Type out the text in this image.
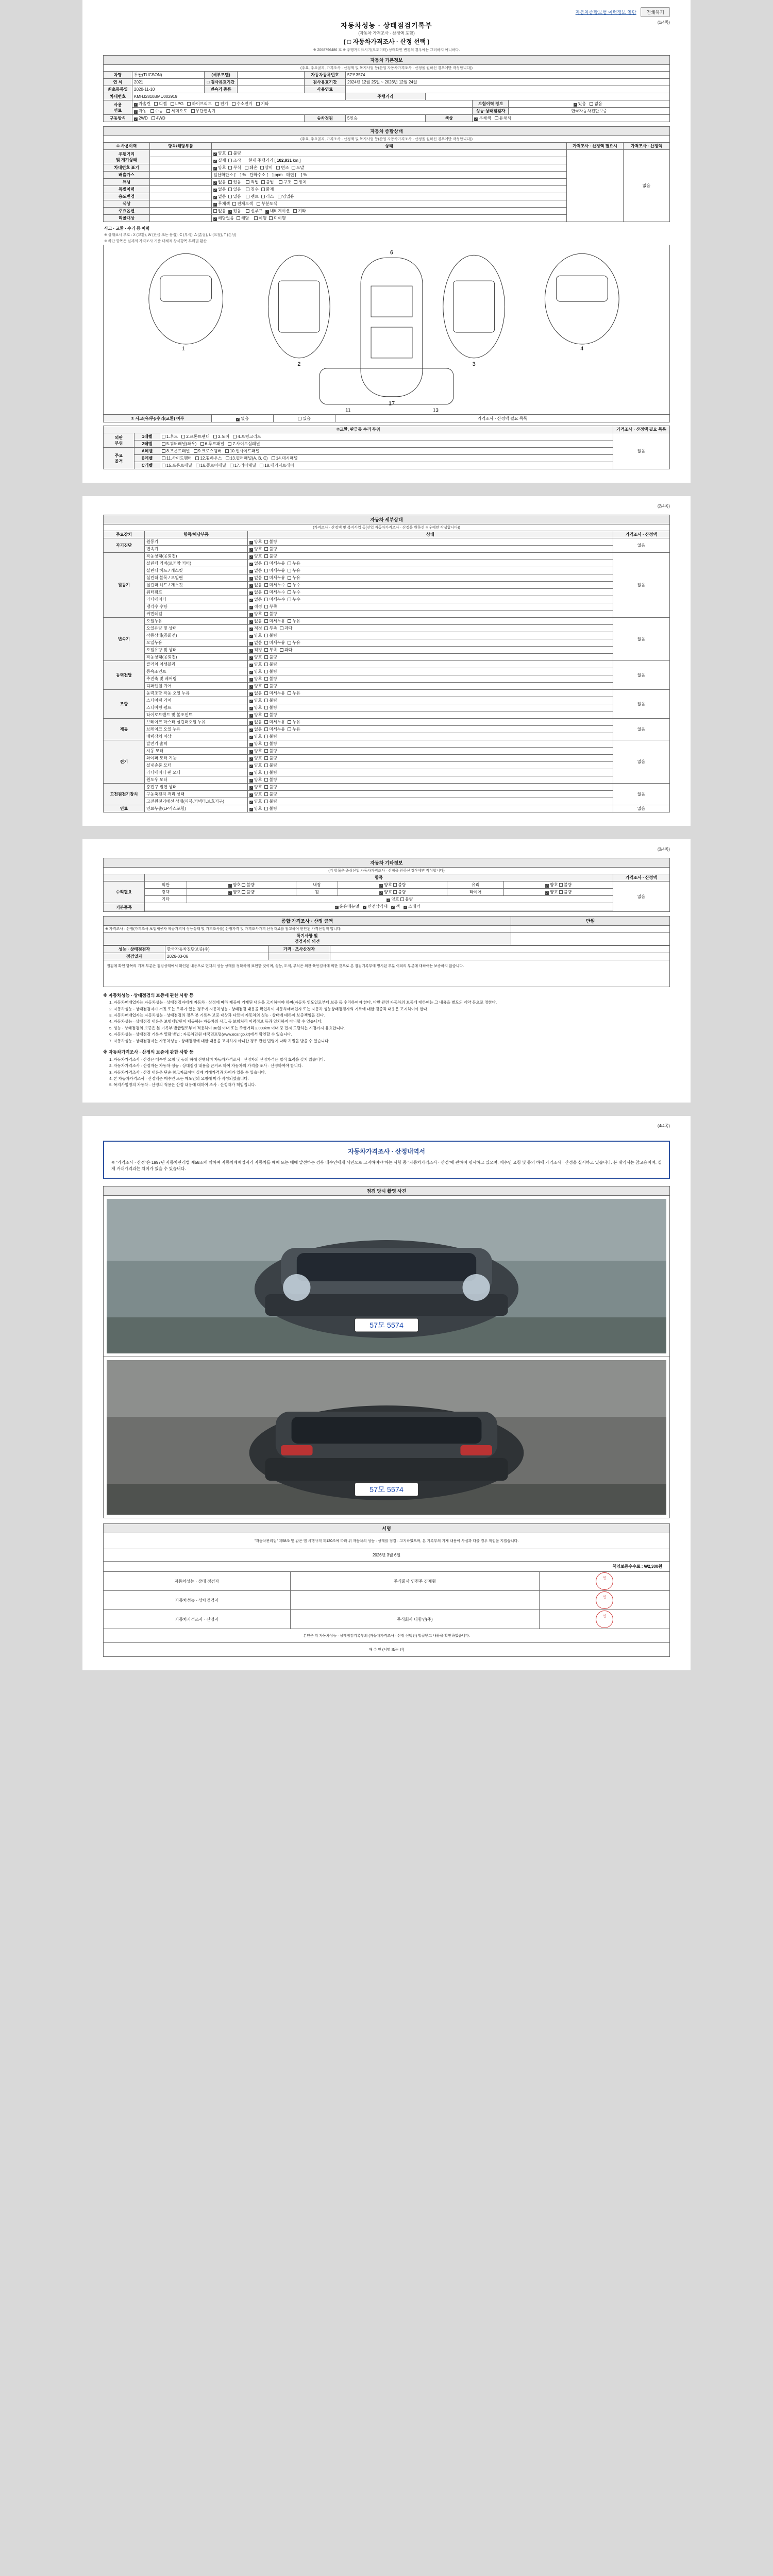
자동차종합보험 이력정보 열람 인쇄하기
(1/4쪽)
자동차성능 · 상태점검기록부
(자동차 가격조사 · 산정액 포함)
( □ 자동차가격조사 · 산정 선택 )
※ 2068796486 호 ※ 주행거리표시기(오도미터) 상태확인 변경의 경우에는 그러하지 아니하다.
자동차 기본정보								
(주요, 주요골격, 가격조사 · 산정액 및 복지사업 등(산업 자동차가격조사 · 산정을 원하신 경우에만 작성합니다))								
차명	투싼(TUCSON)	(세부모델)		자동차등록번호	57모3574			
연 식	2021	□ 검사유효기간		검사유효기간	2024년 12월 25일 ~ 2026년 12월 24일			
최초등록일	2020-11-10	변속기 종류		사용연료				
차대번호	KMHJ2810BMU002919				주행거리			
사용
연료	✓가솔린 디젤 LPG 하이브리드 전기 수소전기 기타						보험이력 정보	✓있음 없음
✓자동 수동 세미오토 무단변속기						성능·상태점검자	한국자동차진단보증
구동방식	✓2WD 4WD			승차정원	5인승	색상	✓무채색 유채색
자동차 종합상태				
(주요, 주요골격, 가격조사 · 산정액 및 복지사업 등(산업 자동차가격조사 · 산정을 원하신 경우에만 작성합니다))				
① 사용이력	항목/해당부품	상태	가격조사 · 산정액 필요시	가격조사 · 산정액
주행거리
및 계기상태		✓양호 불량		없음
	✓실제 조작    현재 주행거리 [ 102,931 km ]
차대번호 표기		✓양호 부식 훼손 상이 변조 도말
배출가스		일산화탄소 [    ] %   탄화수소 [    ] ppm   매연 [    ] %		
튜닝		✓없음 있음 적법 불법 구조 장치
특별이력		✓없음 있음 침수 화재
용도변경		✓없음 있음 렌트 리스 영업용
색상		✓무채색 전체도색 부분도색
주요옵션		없음 ✓ 있음 선루프 ✓ 내비게이션 기타
리콜대상		✓해당없음 해당 이행 미이행
사고 · 교환 · 수리 등 이력
※ 상태표시 부호 : X (교환), W (판금 또는 용접), C (부식), A (흠집), U (요철), T (손상)
※ 하단 항목은 실제의 가격조사 기준 대체적 상세항목 부위별 환산
1
2
6
17
3
4
11	13
① 사고(유/무)/수리(교환) 여부	✓없음	있음	가격조사 · 산정액 필요 목록
②교환, 판금등 수리 부위			가격조사 · 산정액 필요 목록
외판
부위	1레벨	1.후드 2.프론트펜더 3.도어 4.트렁크리드	없음
	2레벨	5.쿼터패널(좌우) 6.루프패널 7.사이드실패널	
주요
골격	A레벨	8.프론트패널 9.크로스멤버 10.인사이드패널	
	B레벨	11.사이드멤버 12.휠하우스 13.필러패널(A, B, C) 14.대시패널	
	C레벨	15.프론트패널 16.플로어패널 17.리어패널 18.패키지트레이	
(2/4쪽)
자동차 세부상태			
(가격조사 · 산정액 및 복지사업 등(산업 자동차가격조사 · 산정을 원하신 경우에만 작성합니다))			
주요장치	항목/해당부품	상태	가격조사 · 산정액
자기진단	원동기	✓양호 불량	없음
	변속기	✓양호 불량
원동기	작동상태(공회전)	✓양호 불량	없음
	실린더 커버(로커암 커버)	✓없음 미세누유 누유
	실린더 헤드 / 개스킷	✓없음 미세누유 누유
	실린더 블록 / 오일팬	✓없음 미세누유 누유
	실린더 헤드 / 개스킷	✓없음 미세누수 누수
	워터펌프	✓없음 미세누수 누수
	라디에이터	✓없음 미세누수 누수
	냉각수 수량	✓적정 부족
	커먼레일	✓양호 불량
변속기	오일누유	✓없음 미세누유 누유	없음
	오일유량 및 상태	✓적정 부족 과다
	작동상태(공회전)	✓양호 불량
	오일누유	✓없음 미세누유 누유
	오일유량 및 상태	✓적정 부족 과다
	작동상태(공회전)	✓양호 불량
동력전달	클러치 어셈블리	✓양호 불량	없음
	등속조인트	✓양호 불량
	추진축 및 베어링	✓양호 불량
	디퍼렌셜 기어	✓양호 불량
조향	동력조향 작동 오일 누유	✓없음 미세누유 누유	없음
	스티어링 기어	✓양호 불량
	스티어링 펌프	✓양호 불량
	타이로드엔드 및 볼조인트	✓양호 불량
제동	브레이크 마스터 실린더오일 누유	✓없음 미세누유 누유	없음
	브레이크 오일 누유	✓없음 미세누유 누유
	배력장치 이상	✓양호 불량
전기	발전기 출력	✓양호 불량	없음
	시동 모터	✓양호 불량
	와이퍼 모터 기능	✓양호 불량
	실내송풍 모터	✓양호 불량
	라디에이터 팬 모터	✓양호 불량
	윈도우 모터	✓양호 불량
고전원전기장치	충전구 절연 상태	✓양호 불량	없음
	구동축전지 격리 상태	✓양호 불량
	고전원전기배선 상태(피복,커넥터,보호기구)	✓양호 불량
연료	연료누출(LP가스포함)	✓양호 불량	없음
(3/4쪽)
자동차 기타정보							
(기 항목은 중심산업 자동차가격조사 · 산정을 원하신 경우에만 작성합니다)							
	항목						가격조사 · 산정액
수리필요	외판	✓양호 불량	내장	✓양호 불량	유리	✓양호 불량	없음
	광택	✓양호 불량	휠	✓양호 불량	타이어	✓양호 불량
	기타	✓양호 불량
기본품목	✓운용메뉴얼 ✓ 안전삼각대 ✓ 잭 ✓ 스패너

종합 가격조사 · 산정 금액	만원
※ 가격조사 · 산정(가격조사 보험제공자 제공가격에 성능상태 및 가격조사를) 산정가격 및 가격조사가격 산정자료를 참고하여 판단된 가격산정액 입니다.	
특기사항 및
점검자의 의견	
성능 · 상태점검자	한국자동차진단보증(주)	가격 · 조사산정자	
점검일자	2026-03-06		
점검에 확인 항목의 기재 부분은 점검상태에서 확인된 내용으로 현재의 성능 상태를 정확하게 표현한 것이며, 성능, 도색, 부식은 외관 육안검사에 의한 것으로 본 점검기록부에 명시된 부분 이외의 부분에 대하여는 보증하지 않습니다.
※ 자동차성능 · 상태점검의 보증에 관한 사항 등

1. 자동차매매업자는 자동차성능 · 상태점검자에게 자동차 · 산정에 따라 제공에 기재된 내용을 고지하여야 하며(자동차 인도일로부터 보증 등 수리하여야 한다. 다만 관련 자동차의 보증에 대하여는 그 내용을 별도의 계약 등으로 정한다.

2. 자동차성능 · 상태점검자가 거짓 또는 오류가 있는 경우에 자동차성능 · 상태점검 내용을 확인하여 자동차매매업자 또는 자동차 성능상태점검자의 기록에 대한 검증과 내용은 고지하여야 한다.

3. 자동차매매업자는 자동차성능 · 상태점검의 경우 본 기록부 보증 대상과 다르며 자동차의 성능 · 상태에 대하여 보증책임을 진다.

4. 자동차성능 · 상태점검 내용은 보험개발원이 제공하는 자동차의 사고 등 보험처리 이력정보 등과 일치하지 아니할 수 있습니다.

5. 성능 · 상태점검의 보증은 본 기록부 발급일로부터 적용하여 30일 이내 또는 주행거리 2,000km 이내 중 먼저 도달하는 시점까지 유효합니다.

6. 자동차성능 · 상태점검 기록부 열람 방법 : 자동차민원 대국민포털(www.ecar.go.kr)에서 확인할 수 있습니다.

7. 자동차성능 · 상태점검자는 자동차성능 · 상태점검에 대한 내용을 고지하지 아니한 경우 관련 법령에 따라 처벌을 받을 수 있습니다.

※ 자동차가격조사 · 산정의 보증에 관한 사항 등

1. 자동차가격조사 · 산정은 매수인 요청 및 동의 하에 진행되며 자동차가격조사 · 산정자의 산정가격은 법적 효력을 갖지 않습니다.

2. 자동차가격조사 · 산정자는 자동차 성능 · 상태점검 내용을 근거로 하여 자동차의 가격을 조사 · 산정하여야 합니다.

3. 자동차가격조사 · 산정 내용은 단순 참고자료이며 실제 거래가격과 차이가 있을 수 있습니다.

4. 본 자동차가격조사 · 산정액은 매수인 또는 매도인의 요청에 따라 작성되었습니다.

5. 복지사업명의 자동차 · 산정의 적용은 산정 내용에 대하여 조사 · 산정자가 책임집니다.

(4/4쪽)
자동차가격조사 · 산정내역서
※ "가격조사 · 산정"은 1997년 자동차관리법 제58조에 의하여 자동차매매업자가 자동차를 매매 또는 매매 알선하는 경우 매수인에게 서면으로 고지하여야 하는 사항 중 "자동차가격조사 · 산정"에 관하여 명시하고 있으며, 매수인 요청 및 동의 하에 가격조사 · 산정을 실시하고 있습니다. 본 내역서는 참고용이며, 실제 거래가격과는 차이가 있을 수 있습니다.
점검 당시 촬영 사진

57모 5574

57모 5574
서명		
"자동차관리법" 제58조 및 같은 법 시행규칙 제120조에 따라 위 자동차의 성능 · 상태를 점검 · 고지하였으며, 본 기록부의 기재 내용이 사실과 다를 경우 책임을 지겠습니다.		
2026년 3월 6일		
책임보증수수료 : ₩2,300원		
자동차성능 · 상태 점검자	주식회사 인천주 김재형	인
자동차성능 · 상태점검자		인
자동차가격조사 · 산정자	주식회사 다함인(주)	인
본인은 위 자동차성능 · 상태점검기록부의 (자동차가격조사 · 산정 선택된) 발급받고 내용을 확인하였습니다.		
매 수 인 (서명 또는 인)		
